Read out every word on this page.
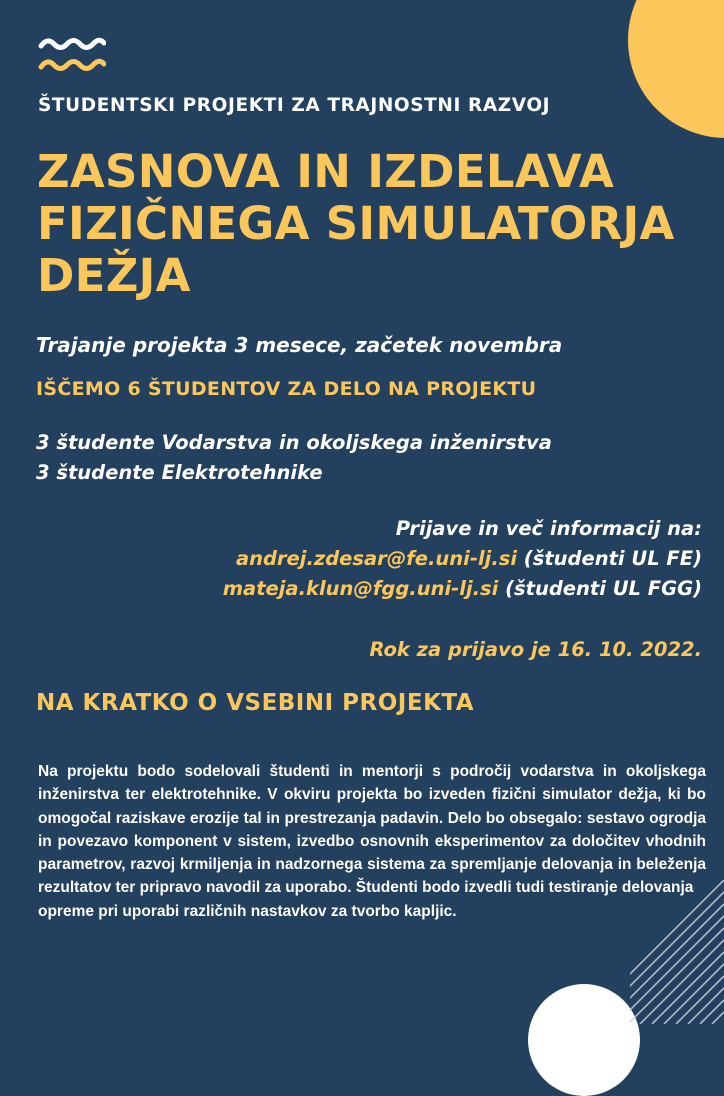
ŠTUDENTSKI PROJEKTI ZA TRAJNOSTNI RAZVOJ

ZASNOVA IN IZDELAVA
FIZIČNEGA SIMULATORJA
DEŽJA

Trajanje projekta 3 mesece, začetek novembra

IŠČEMO 6 ŠTUDENTOV ZA DELO NA PROJEKTU

3 študente Vodarstva in okoljskega inženirstva
3 študente Elektrotehnike
Prijave in več informacij na:
andrej.zdesar@fe.uni-lj.si (študenti UL FE)
mateja.klun@fgg.uni-lj.si (študenti UL FGG)

Rok za prijavo je 16. 10. 2022.

NA KRATKO O VSEBINI PROJEKTA

Na projektu bodo sodelovali študenti in mentorji s področij vodarstva in okoljskega inženirstva ter elektrotehnike. V okviru projekta bo izveden fizični simulator dežja, ki bo omogočal raziskave erozije tal in prestrezanja padavin. Delo bo obsegalo: sestavo ogrodja in povezavo komponent v sistem, izvedbo osnovnih eksperimentov za določitev vhodnih parametrov, razvoj krmiljenja in nadzornega sistema za spremljanje delovanja in beleženja rezultatov ter pripravo navodil za uporabo. Študenti bodo izvedli tudi testiranje delovanja
opreme pri uporabi različnih nastavkov za tvorbo kapljic.
